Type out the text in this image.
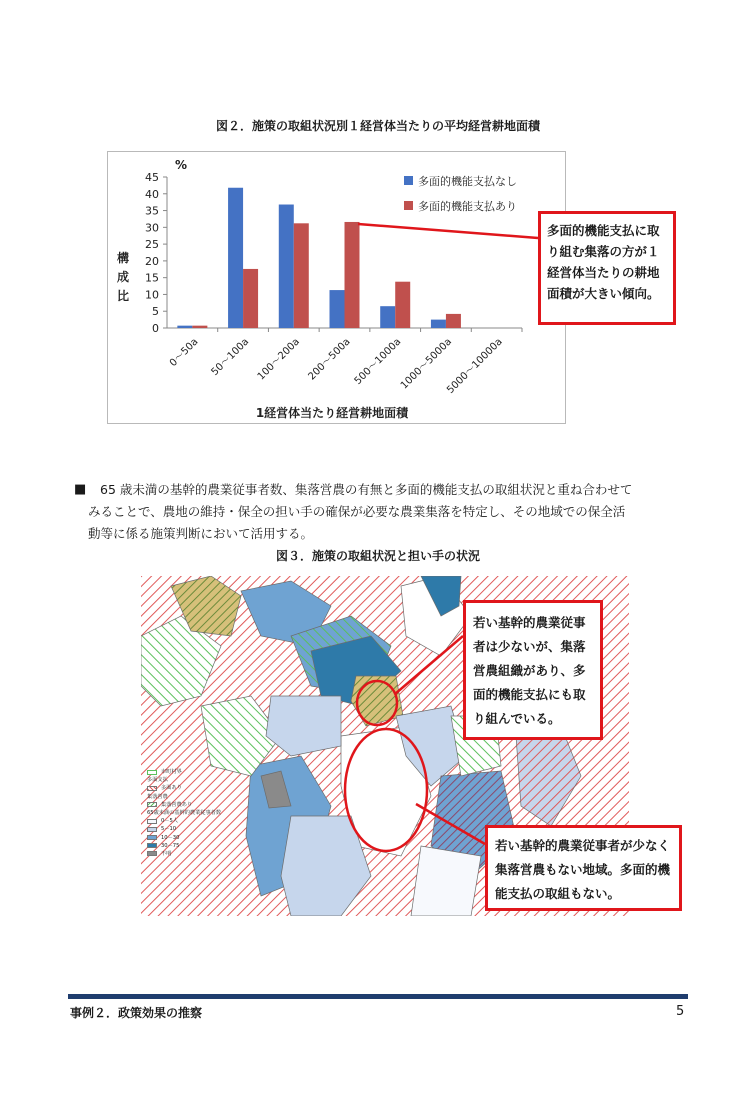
図２．施策の取組状況別１経営体当たりの平均経営耕地面積
0
5
10
15
20
25
30
35
40
45
%
構
成
比
0～50a 50～100a 100～200a 200～500a 500～1000a
1000～5000a
5000～10000a
1経営体当たり経営耕地面積
多面的機能支払なし
多面的機能支払あり
多面的機能支払に取り組む集落の方が１経営体当たりの耕地面積が大きい傾向。
■	65 歳未満の基幹的農業従事者数、集落営農の有無と多面的機能支払の取組状況と重ね合わせて
みることで、農地の維持・保全の担い手の確保が必要な農業集落を特定し、その地域での保全活
動等に係る施策判断において活用する。
図３．施策の取組状況と担い手の状況
市町村界
多面支払
多面あり
集落営農
集落営農あり
65歳未満の基幹的農業従事者数
0－5人
5－10
10－30
30－75
不明
若い基幹的農業従事者は少ないが、集落営農組織があり、多面的機能支払にも取り組んでいる。
若い基幹的農業従事者が少なく集落営農もない地域。多面的機能支払の取組もない。
事例２．政策効果の推察	5
